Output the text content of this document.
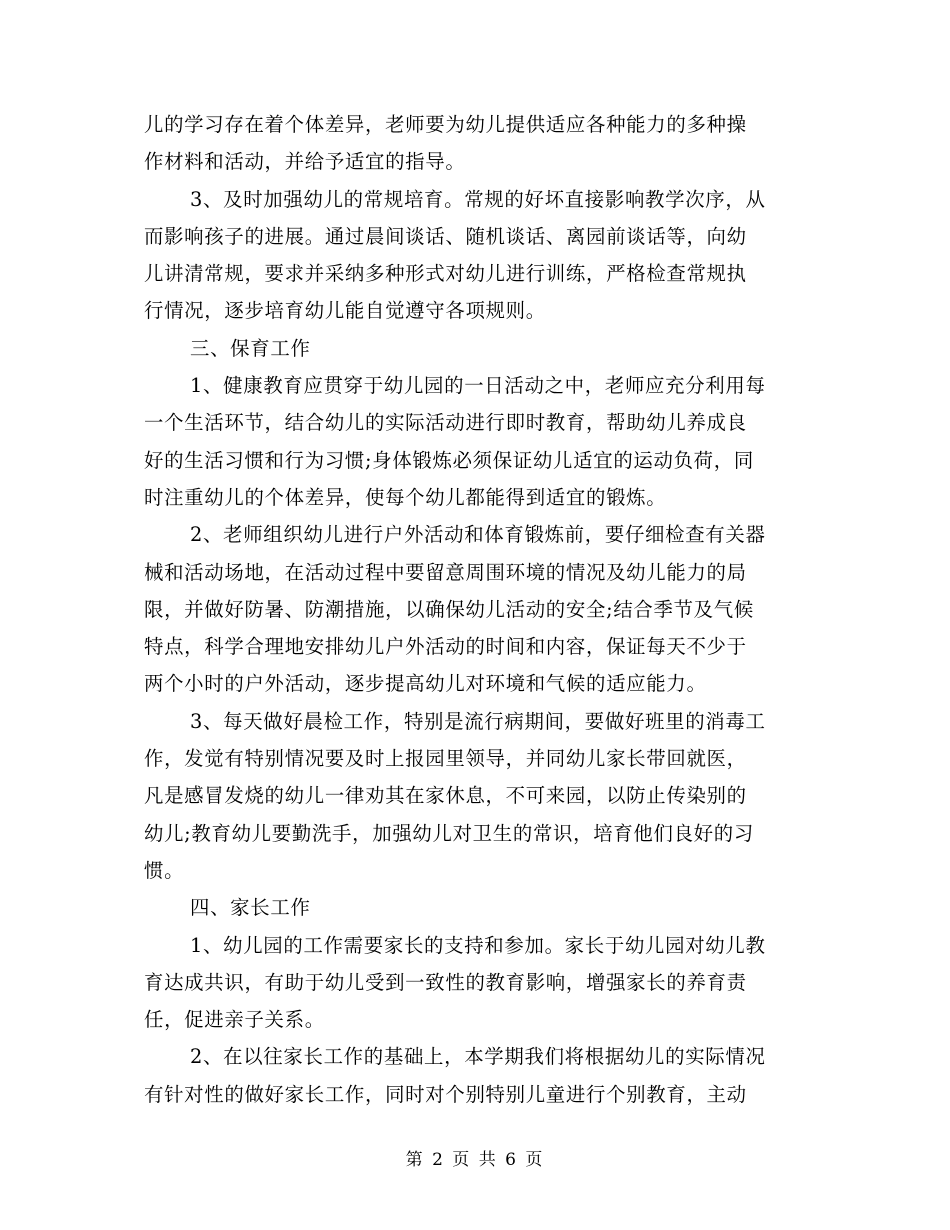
儿的学习存在着个体差异，老师要为幼儿提供适应各种能力的多种操
作材料和活动，并给予适宜的指导。
3、及时加强幼儿的常规培育。常规的好坏直接影响教学次序，从
而影响孩子的进展。通过晨间谈话、随机谈话、离园前谈话等，向幼
儿讲清常规，要求并采纳多种形式对幼儿进行训练，严格检查常规执
行情况，逐步培育幼儿能自觉遵守各项规则。
三、保育工作
1、健康教育应贯穿于幼儿园的一日活动之中，老师应充分利用每
一个生活环节，结合幼儿的实际活动进行即时教育，帮助幼儿养成良
好的生活习惯和行为习惯;身体锻炼必须保证幼儿适宜的运动负荷，同
时注重幼儿的个体差异，使每个幼儿都能得到适宜的锻炼。
2、老师组织幼儿进行户外活动和体育锻炼前，要仔细检查有关器
械和活动场地，在活动过程中要留意周围环境的情况及幼儿能力的局
限，并做好防暑、防潮措施，以确保幼儿活动的安全;结合季节及气候
特点，科学合理地安排幼儿户外活动的时间和内容，保证每天不少于
两个小时的户外活动，逐步提高幼儿对环境和气候的适应能力。
3、每天做好晨检工作，特别是流行病期间，要做好班里的消毒工
作，发觉有特别情况要及时上报园里领导，并同幼儿家长带回就医，
凡是感冒发烧的幼儿一律劝其在家休息，不可来园，以防止传染别的
幼儿;教育幼儿要勤洗手，加强幼儿对卫生的常识，培育他们良好的习
惯。
四、家长工作
1、幼儿园的工作需要家长的支持和参加。家长于幼儿园对幼儿教
育达成共识，有助于幼儿受到一致性的教育影响，增强家长的养育责
任，促进亲子关系。
2、在以往家长工作的基础上，本学期我们将根据幼儿的实际情况
有针对性的做好家长工作，同时对个别特别儿童进行个别教育，主动
第 2 页 共 6 页
